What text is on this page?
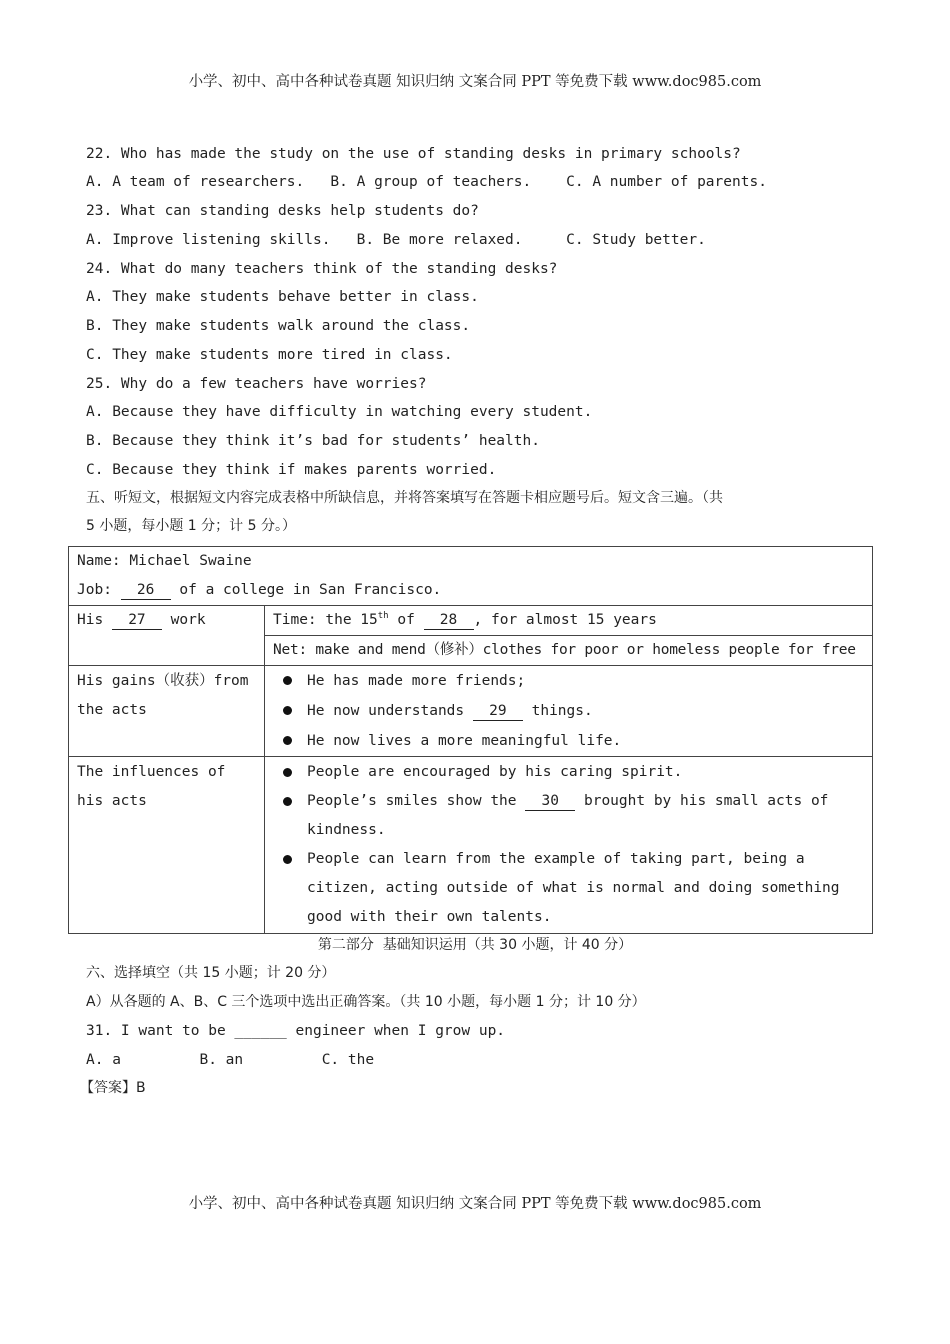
小学、初中、高中各种试卷真题 知识归纳 文案合同 PPT 等免费下载 www.doc985.com
22. Who has made the study on the use of standing desks in primary schools?
A. A team of researchers.   B. A group of teachers.    C. A number of parents.
23. What can standing desks help students do?
A. Improve listening skills.   B. Be more relaxed.     C. Study better.
24. What do many teachers think of the standing desks?
A. They make students behave better in class.
B. They make students walk around the class.
C. They make students more tired in class.
25. Why do a few teachers have worries?
A. Because they have difficulty in watching every student.
B. Because they think it’s bad for students’ health.
C. Because they think if makes parents worried.
五、听短文，根据短文内容完成表格中所缺信息，并将答案填写在答题卡相应题号后。短文含三遍。（共
5 小题，每小题 1 分；计 5 分。）
Name: Michael Swaine
Job: 26 of a college in San Francisco.	

His 27 work	Time: the 15th of 28 , for almost 15 years
	Net: make and mend（修补）clothes for poor or homeless people for free
His gains（收获）from the acts	He has made more friends;
He now understands 29 things.
He now lives a more meaningful life.

The influences of his acts	People are encouraged by his caring spirit.
People’s smiles show the 30 brought by his small acts of kindness.
People can learn from the example of taking part, being a citizen, acting outside of what is normal and doing something good with their own talents.
第二部分  基础知识运用（共 30 小题，计 40 分）
六、选择填空（共 15 小题；计 20 分）
A）从各题的 A、B、C 三个选项中选出正确答案。（共 10 小题，每小题 1 分；计 10 分）
31. I want to be ______ engineer when I grow up.
A. a         B. an         C. the
【答案】B
小学、初中、高中各种试卷真题 知识归纳 文案合同 PPT 等免费下载 www.doc985.com
